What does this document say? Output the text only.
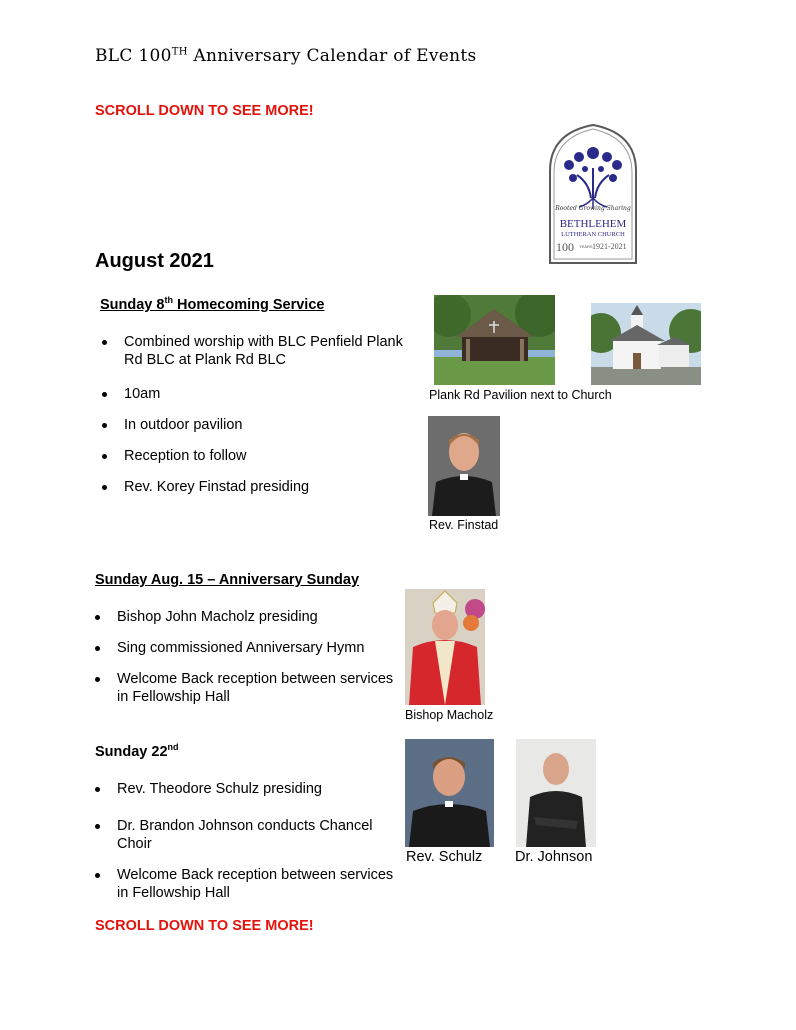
BLC 100TH Anniversary Calendar of Events
SCROLL DOWN TO SEE MORE!
Rooted Growing Sharing
BETHLEHEM
LUTHERAN CHURCH
100 YEARS 1921-2021
August 2021
Sunday 8th Homecoming Service
Combined worship with BLC Penfield Plank Rd BLC at Plank Rd BLC
10am
In outdoor pavilion
Reception to follow
Rev. Korey Finstad presiding
Plank Rd Pavilion next to Church
Rev. Finstad
Sunday Aug. 15 – Anniversary Sunday
Bishop John Macholz presiding
Sing commissioned Anniversary Hymn
Welcome Back reception between services in Fellowship Hall
Bishop Macholz
Sunday 22nd
Rev. Theodore Schulz presiding
Dr. Brandon Johnson conducts Chancel Choir
Welcome Back reception between services in Fellowship Hall
Rev. Schulz Dr. Johnson
SCROLL DOWN TO SEE MORE!
